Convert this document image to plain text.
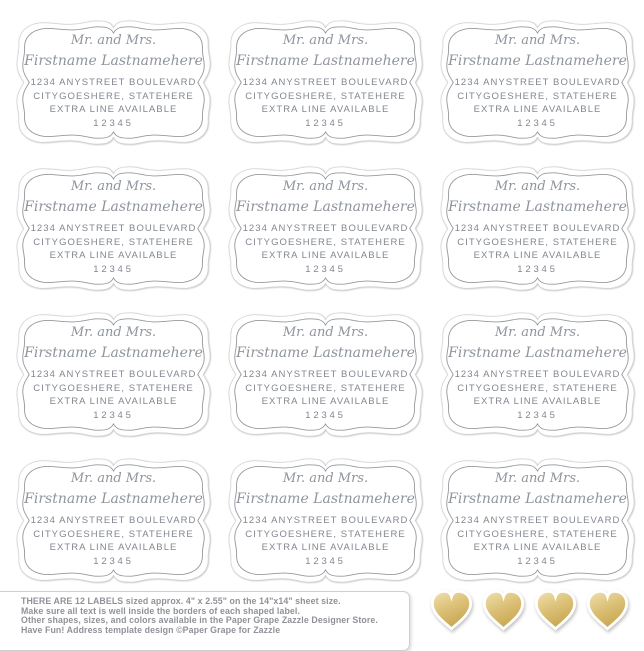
Mr. and Mrs.
Firstname Lastnamehere
1234 ANYSTREET BOULEVARD
CITYGOESHERE, STATEHERE
EXTRA LINE AVAILABLE
12345
Mr. and Mrs.
Firstname Lastnamehere
1234 ANYSTREET BOULEVARD
CITYGOESHERE, STATEHERE
EXTRA LINE AVAILABLE
12345
Mr. and Mrs.
Firstname Lastnamehere
1234 ANYSTREET BOULEVARD
CITYGOESHERE, STATEHERE
EXTRA LINE AVAILABLE
12345
Mr. and Mrs.
Firstname Lastnamehere
1234 ANYSTREET BOULEVARD
CITYGOESHERE, STATEHERE
EXTRA LINE AVAILABLE
12345
Mr. and Mrs.
Firstname Lastnamehere
1234 ANYSTREET BOULEVARD
CITYGOESHERE, STATEHERE
EXTRA LINE AVAILABLE
12345
Mr. and Mrs.
Firstname Lastnamehere
1234 ANYSTREET BOULEVARD
CITYGOESHERE, STATEHERE
EXTRA LINE AVAILABLE
12345
Mr. and Mrs.
Firstname Lastnamehere
1234 ANYSTREET BOULEVARD
CITYGOESHERE, STATEHERE
EXTRA LINE AVAILABLE
12345
Mr. and Mrs.
Firstname Lastnamehere
1234 ANYSTREET BOULEVARD
CITYGOESHERE, STATEHERE
EXTRA LINE AVAILABLE
12345
Mr. and Mrs.
Firstname Lastnamehere
1234 ANYSTREET BOULEVARD
CITYGOESHERE, STATEHERE
EXTRA LINE AVAILABLE
12345
Mr. and Mrs.
Firstname Lastnamehere
1234 ANYSTREET BOULEVARD
CITYGOESHERE, STATEHERE
EXTRA LINE AVAILABLE
12345
Mr. and Mrs.
Firstname Lastnamehere
1234 ANYSTREET BOULEVARD
CITYGOESHERE, STATEHERE
EXTRA LINE AVAILABLE
12345
Mr. and Mrs.
Firstname Lastnamehere
1234 ANYSTREET BOULEVARD
CITYGOESHERE, STATEHERE
EXTRA LINE AVAILABLE
12345

THERE ARE 12 LABELS sized approx. 4" x 2.55" on the 14"x14" sheet size.

Make sure all text is well inside the borders of each shaped label.

Other shapes, sizes, and colors available in the Paper Grape Zazzle Designer Store.

Have Fun! Address template design ©Paper Grape for Zazzle
